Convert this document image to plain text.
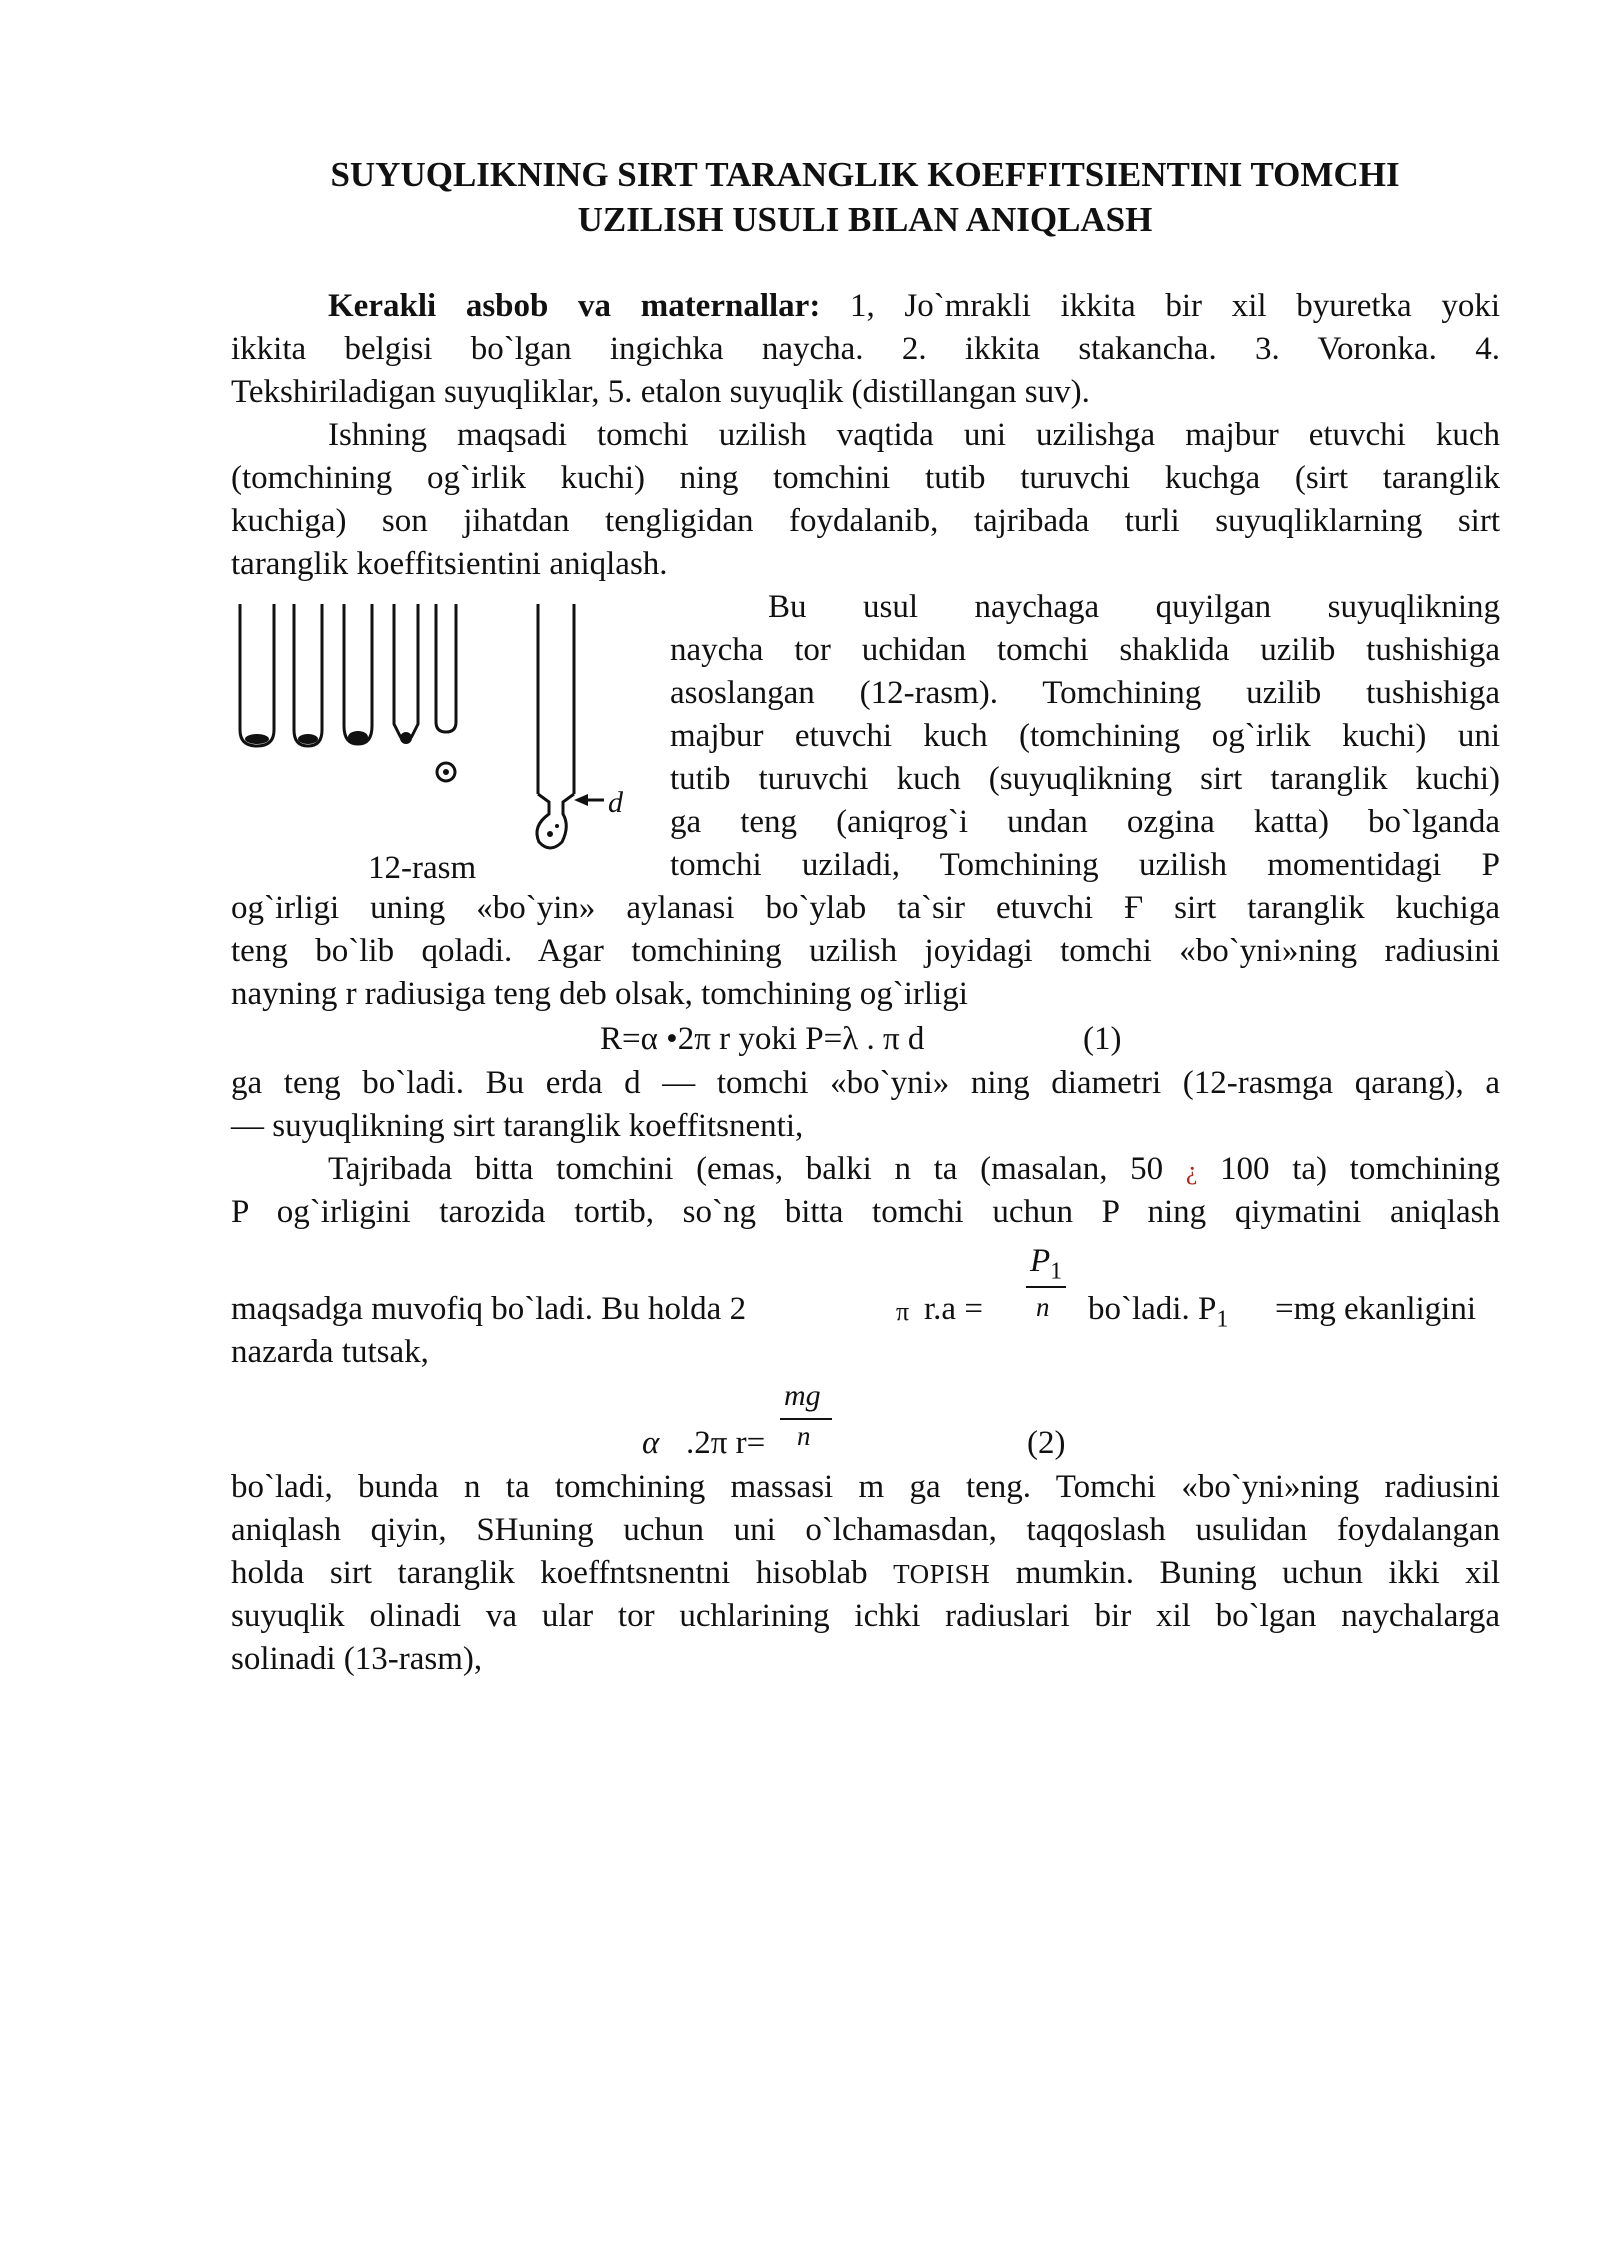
SUYUQLIKNING SIRT TARANGLIK KOEFFITSIENTINI TOMCHI
UZILISH USULI BILAN ANIQLASH
Kerakli asbob va maternallar: 1, Jo`mrakli ikkita bir xil byuretka yoki
ikkita belgisi bo`lgan ingichka naycha. 2. ikkita stakancha. 3. Voronka. 4.
Tekshiriladigan suyuqliklar, 5. etalon suyuqlik (distillangan suv).
Ishning maqsadi tomchi uzilish vaqtida uni uzilishga majbur etuvchi kuch
(tomchining og`irlik kuchi) ning tomchini tutib turuvchi kuchga (sirt taranglik
kuchiga) son jihatdan tengligidan foydalanib, tajribada turli suyuqliklarning sirt
taranglik koeffitsientini aniqlash.
d
12-rasm
Bu usul naychaga quyilgan suyuqlikning
naycha tor uchidan tomchi shaklida uzilib tushishiga
asoslangan (12-rasm). Tomchining uzilib tushishiga
majbur etuvchi kuch (tomchining og`irlik kuchi) uni
tutib turuvchi kuch (suyuqlikning sirt taranglik kuchi)
ga teng (aniqrog`i undan ozgina katta) bo`lganda
tomchi uziladi, Tomchining uzilish momentidagi P
og`irligi uning «bo`yin» aylanasi bo`ylab ta`sir etuvchi Ғ sirt taranglik kuchiga
teng bo`lib qoladi. Agar tomchining uzilish joyidagi tomchi «bo`yni»ning radiusini
nayning r radiusiga teng deb olsak, tomchining og`irligi
R=α •2π r yoki P=λ . π d	(1)
ga teng bo`ladi. Bu erda d — tomchi «bo`yni» ning diametri (12-rasmga qarang), a
— suyuqlikning sirt taranglik koeffitsnenti,
Tajribada bitta tomchini (emas, balki n ta (masalan, 50 ¿ 100 ta) tomchining
P og`irligini tarozida tortib, so`ng bitta tomchi uchun P ning qiymatini aniqlash
maqsadga muvofiq bo`ladi. Bu holda 2	π r.a =
$P_1$
n bo`ladi. $P_1 =mg$ ekanligini
nazarda tutsak,
mg
n
α .2π r=	(2)
bo`ladi, bunda n ta tomchining massasi m ga teng. Tomchi «bo`yni»ning radiusini
aniqlash qiyin, SHuning uchun uni o`lchamasdan, taqqoslash usulidan foydalangan
holda sirt taranglik koeffntsnentni hisoblab TOPISH mumkin. Buning uchun ikki xil
suyuqlik olinadi va ular tor uchlarining ichki radiuslari bir xil bo`lgan naychalarga
solinadi (13-rasm),
